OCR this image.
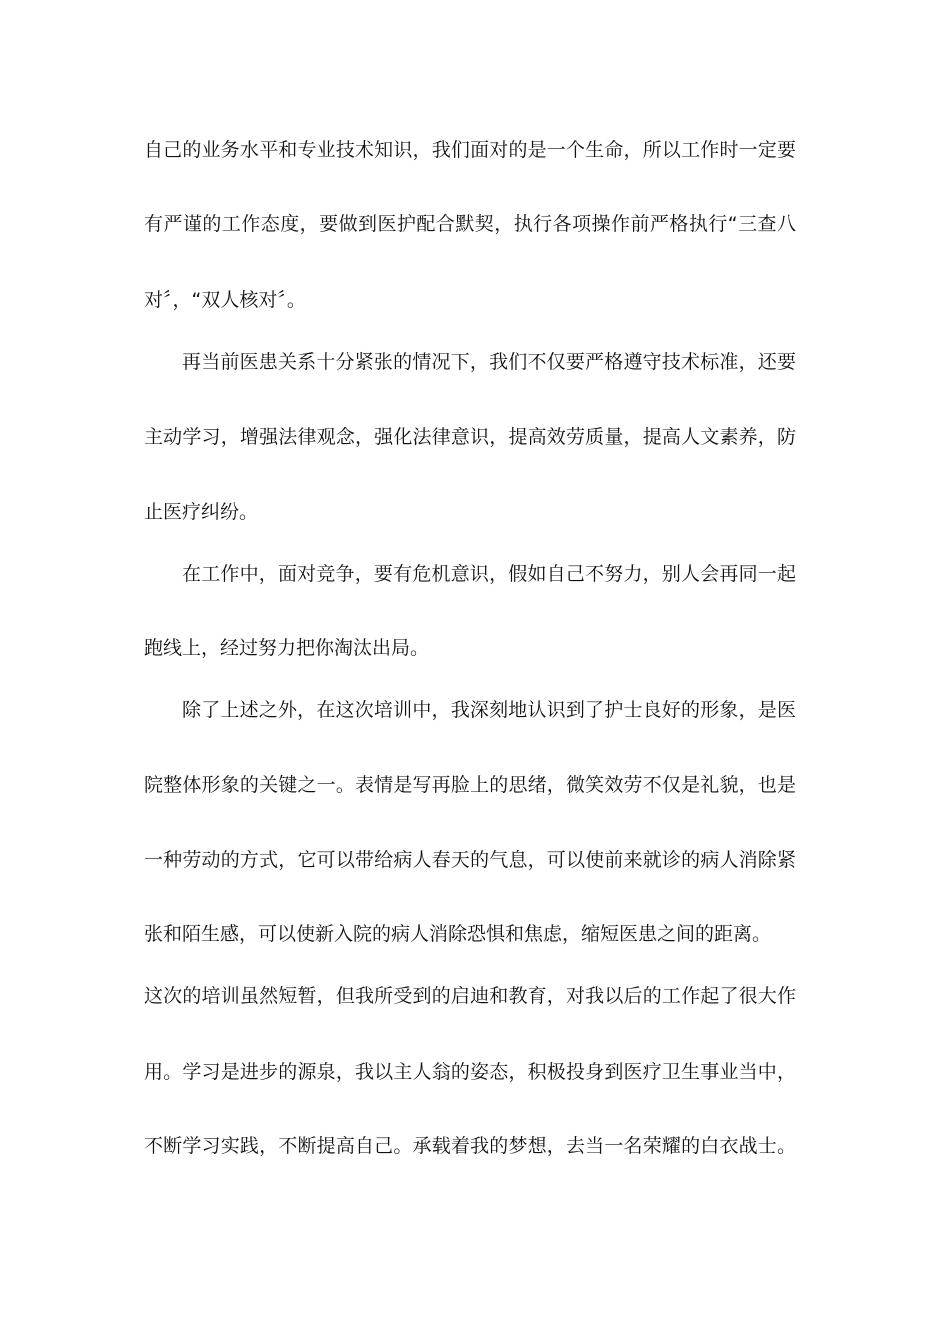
自己的业务水平和专业技术知识，我们面对的是一个生命，所以工作时一定要
有严谨的工作态度，要做到医护配合默契，执行各项操作前严格执行“三查八
对〞，“双人核对〞。
再当前医患关系十分紧张的情况下，我们不仅要严格遵守技术标准，还要
主动学习，增强法律观念，强化法律意识，提高效劳质量，提高人文素养，防
止医疗纠纷。
在工作中，面对竞争，要有危机意识，假如自己不努力，别人会再同一起
跑线上，经过努力把你淘汰出局。
除了上述之外，在这次培训中，我深刻地认识到了护士良好的形象，是医
院整体形象的关键之一。表情是写再脸上的思绪，微笑效劳不仅是礼貌，也是
一种劳动的方式，它可以带给病人春天的气息，可以使前来就诊的病人消除紧
张和陌生感，可以使新入院的病人消除恐惧和焦虑，缩短医患之间的距离。
这次的培训虽然短暂，但我所受到的启迪和教育，对我以后的工作起了很大作
用。学习是进步的源泉，我以主人翁的姿态，积极投身到医疗卫生事业当中，
不断学习实践，不断提高自己。承载着我的梦想，去当一名荣耀的白衣战士。
